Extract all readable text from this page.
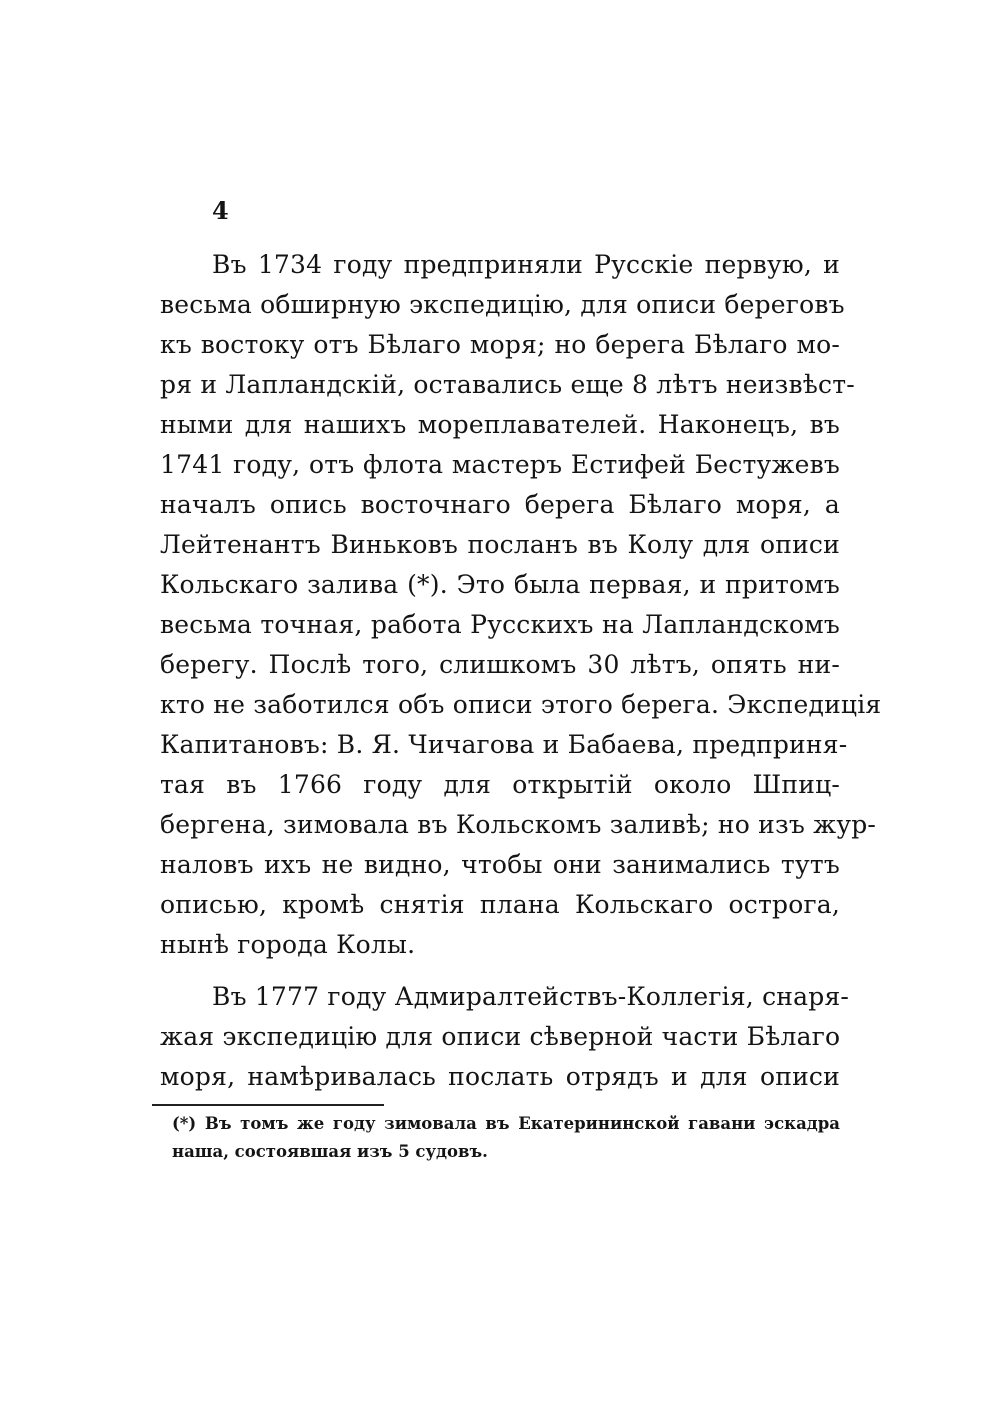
4
Въ 1734 году предприняли Русскіе первую, и
весьма обширную экспедицію, для описи береговъ
къ востоку отъ Бѣлаго моря; но берега Бѣлаго мо-
ря и Лапландскій, оставались еще 8 лѣтъ неизвѣст-
ными для нашихъ мореплавателей. Наконецъ, въ
1741 году, отъ флота мастеръ Естифей Бестужевъ
началъ опись восточнаго берега Бѣлаго моря, а
Лейтенантъ Виньковъ посланъ въ Колу для описи
Кольскаго залива (*). Это была первая, и притомъ
весьма точная, работа Русскихъ на Лапландскомъ
берегу. Послѣ того, слишкомъ 30 лѣтъ, опять ни-
кто не заботился объ описи этого берега. Экспедиція
Капитановъ: В. Я. Чичагова и Бабаева, предприня-
тая въ 1766 году для открытій около Шпиц-
бергена, зимовала въ Кольскомъ заливѣ; но изъ жур-
наловъ ихъ не видно, чтобы они занимались тутъ
описью, кромѣ снятія плана Кольскаго острога,
нынѣ города Колы.
Въ 1777 году Адмиралтействъ-Коллегія, снаря-
жая экспедицію для описи сѣверной части Бѣлаго
моря, намѣривалась послать отрядъ и для описи
(*) Въ томъ же году зимовала въ Екатерининской гавани эскадра
наша, состоявшая изъ 5 судовъ.
